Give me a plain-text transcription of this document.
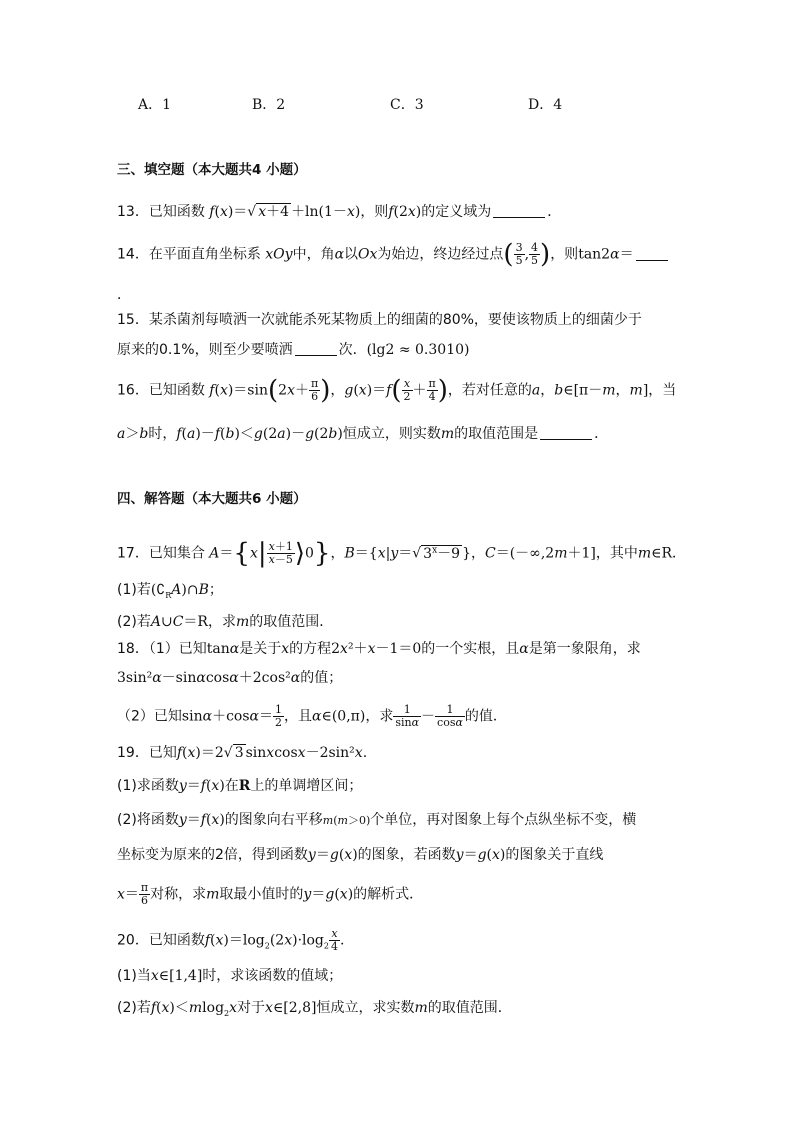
A．1	B．2	C．3	D．4
三、填空题（本大题共4 小题）
13．已知函数 f(x)＝√ x＋4 ＋ln(1－x)，则f(2x)的定义域为	．
14．在平面直角坐标系 xOy中，角α以Ox为始边，终边经过点( $\frac{3}{5}$ , $\frac{4}{5}$ )，则tan2α＝
．
15．某杀菌剂每喷洒一次就能杀死某物质上的细菌的80%，要使该物质上的细菌少于
原来的0.1%，则至少要喷洒	次．(lg2 ≈ 0.3010)
16．已知函数 $f(x)=\sin(2x+ \frac{\pi}{6}$ )，$g(x)=f( \frac{x}{2} + \frac{\pi}{4}$ )，若对任意的a，b∈[π－m，m]，当
a＞b时，f(a)－f(b)＜g(2a)－g(2b)恒成立，则实数m的取值范围是	．
四、解答题（本大题共6 小题）
17．已知集合 $A=\{x| \frac{x+1}{x-5}$ ⟩0}，B＝{x|y＝√ $3^x-9$ }，C＝(－∞,2m＋1]，其中m∈R．
(1)若$(∁_RA)\cap B$；
(2)若A∪C＝R，求m的取值范围．
18．（1）已知tanα是关于x的方程2x²＋x－1＝0的一个实根，且α是第一象限角，求
3sin²α－sinαcosα＋2cos²α的值；
（2）已知$\sin\alpha+\cos\alpha= \frac{1}{2}$ ，且α∈(0,π)，求 $\frac{1}{\sin\alpha} - \frac{1}{\cos\alpha}$ 的值．
19．已知f(x)＝2√ 3 sinxcosx－2sin²x.
(1)求函数y＝f(x)在R上的单调增区间；
(2)将函数y＝f(x)的图象向右平移m(m＞0)个单位，再对图象上每个点纵坐标不变，横
坐标变为原来的2倍，得到函数y＝g(x)的图象，若函数y＝g(x)的图象关于直线
$x= \frac{\pi}{6}$ 对称，求m取最小值时的y＝g(x)的解析式．
20．已知函数$f(x)=\log_2(2x)\cdot\log_2 \frac{x}{4}$ .
(1)当x∈[1,4]时，求该函数的值域；
(2)若f(x)＜mlog$_2$x对于x∈[2,8]恒成立，求实数m的取值范围．
